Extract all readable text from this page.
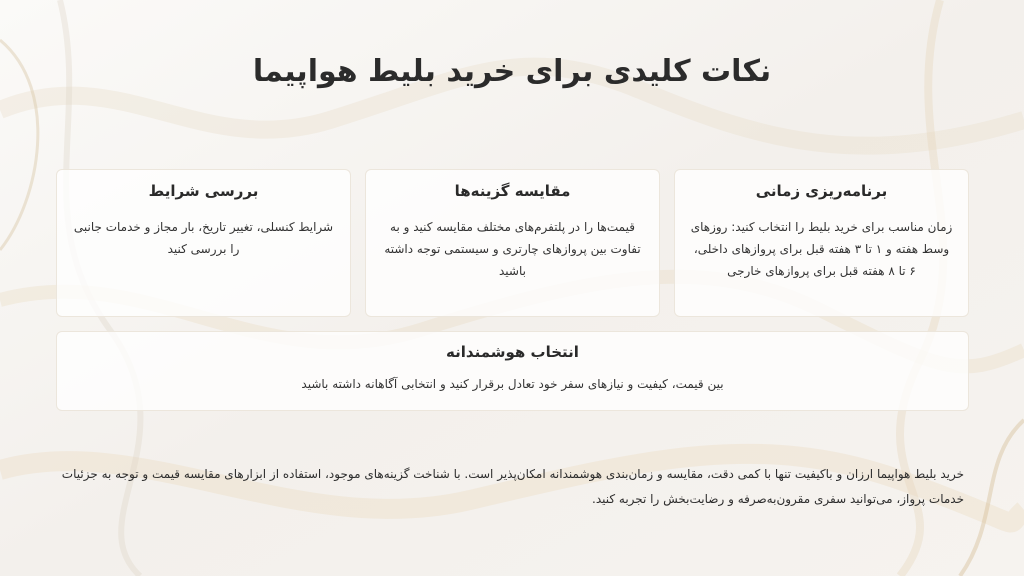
نکات کلیدی برای خرید بلیط هواپیما
برنامه‌ریزی زمانی

زمان مناسب برای خرید بلیط را انتخاب کنید: روزهای وسط هفته و ۱ تا ۳ هفته قبل برای پروازهای داخلی، ۶ تا ۸ هفته قبل برای پروازهای خارجی

مقایسه گزینه‌ها

قیمت‌ها را در پلتفرم‌های مختلف مقایسه کنید و به تفاوت بین پروازهای چارتری و سیستمی توجه داشته باشید

بررسی شرایط

شرایط کنسلی، تغییر تاریخ، بار مجاز و خدمات جانبی را بررسی کنید

انتخاب هوشمندانه

بین قیمت، کیفیت و نیازهای سفر خود تعادل برقرار کنید و انتخابی آگاهانه داشته باشید

خرید بلیط هواپیما ارزان و باکیفیت تنها با کمی دقت، مقایسه و زمان‌بندی هوشمندانه امکان‌پذیر است. با شناخت گزینه‌های موجود، استفاده از ابزارهای مقایسه قیمت و توجه به جزئیات خدمات پرواز، می‌توانید سفری مقرون‌به‌صرفه و رضایت‌بخش را تجربه کنید.
